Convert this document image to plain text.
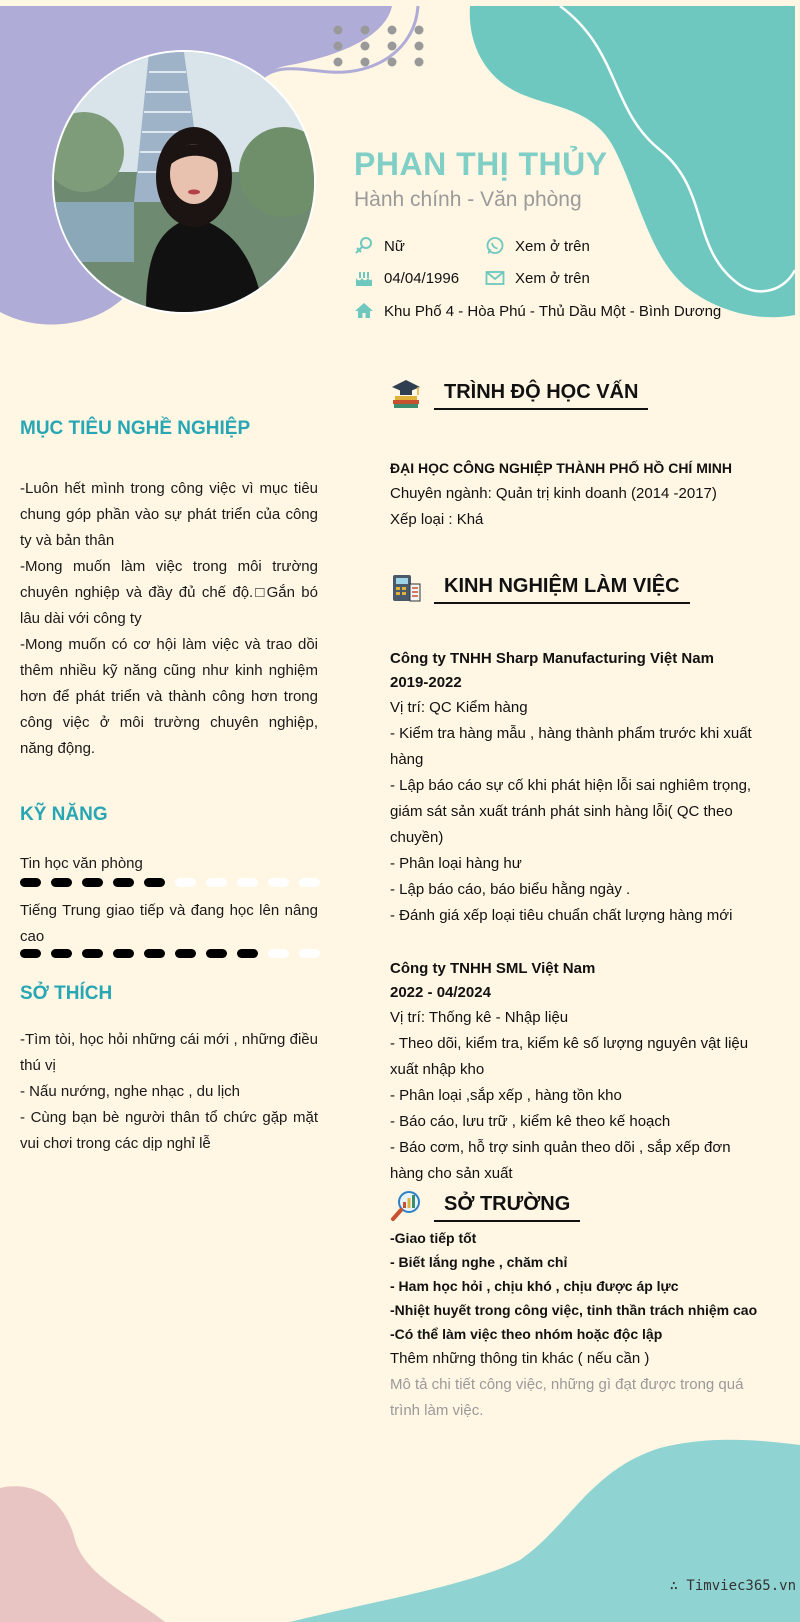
PHAN THỊ THỦY
Hành chính - Văn phòng
Nữ	Xem ở trên
04/04/1996	Xem ở trên
Khu Phố 4 - Hòa Phú - Thủ Dầu Một - Bình Dương
MỤC TIÊU NGHỀ NGHIỆP

-Luôn hết mình trong công việc vì mục tiêu chung góp phần vào sự phát triển của công ty và bản thân

-Mong muốn làm việc trong môi trường chuyên nghiệp và đầy đủ chế độ.□Gắn bó lâu dài với công ty

-Mong muốn có cơ hội làm việc và trao dồi thêm nhiều kỹ năng cũng như kinh nghiệm hơn để phát triển và thành công hơn trong công việc ở môi trường chuyên nghiệp, năng động.

KỸ NĂNG
Tin học văn phòng
Tiếng Trung giao tiếp và đang học lên nâng cao
SỞ THÍCH

-Tìm tòi, học hỏi những cái mới , những điều thú vị

- Nấu nướng, nghe nhạc , du lịch

- Cùng bạn bè người thân tổ chức gặp mặt vui chơi trong các dịp nghỉ lễ

TRÌNH ĐỘ HỌC VẤN

ĐẠI HỌC CÔNG NGHIỆP THÀNH PHỐ HỒ CHÍ MINH

Chuyên ngành: Quản trị kinh doanh (2014 -2017)

Xếp loại : Khá

KINH NGHIỆM LÀM VIỆC

Công ty TNHH Sharp Manufacturing Việt Nam

2019-2022

Vị trí: QC Kiểm hàng

- Kiểm tra hàng mẫu , hàng thành phẩm trước khi xuất hàng

- Lập báo cáo sự cố khi phát hiện lỗi sai nghiêm trọng, giám sát sản xuất tránh phát sinh hàng lỗi( QC theo chuyền)

- Phân loại hàng hư

- Lập báo cáo, báo biểu hằng ngày .

- Đánh giá xếp loại tiêu chuẩn chất lượng hàng mới

Công ty TNHH SML Việt Nam

2022 - 04/2024

Vị trí: Thống kê - Nhập liệu

- Theo dõi, kiểm tra, kiểm kê số lượng nguyên vật liệu xuất nhập kho

- Phân loại ,sắp xếp , hàng tồn kho

- Báo cáo, lưu trữ , kiểm kê theo kế hoạch

- Báo cơm, hỗ trợ sinh quản theo dõi , sắp xếp đơn hàng cho sản xuất

SỞ TRƯỜNG

-Giao tiếp tốt

- Biết lắng nghe , chăm chỉ

- Ham học hỏi , chịu khó , chịu được áp lực

-Nhiệt huyết trong công việc, tinh thần trách nhiệm cao

-Có thể làm việc theo nhóm hoặc độc lập

Thêm những thông tin khác ( nếu cần )

Mô tả chi tiết công việc, những gì đạt được trong quá trình làm việc.

∴ Timviec365.vn
